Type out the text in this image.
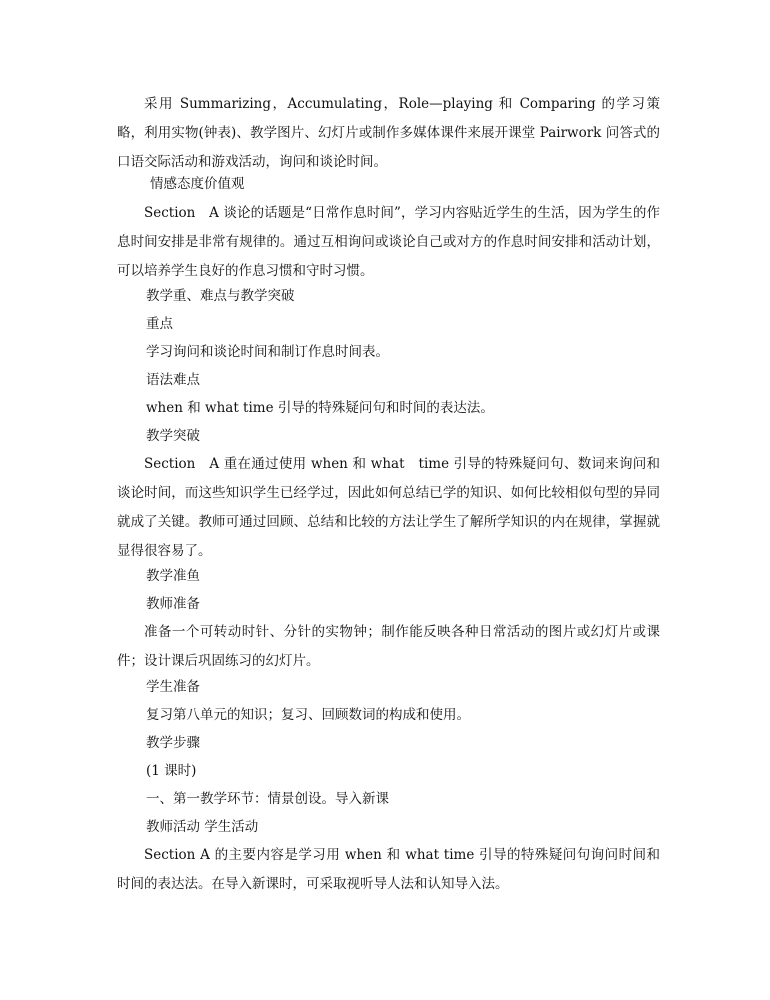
采用 Summarizing，Accumulating，Role—playing 和 Comparing 的学习策略，利用实物(钟表)、教学图片、幻灯片或制作多媒体课件来展开课堂 Pairwork 问答式的口语交际活动和游戏活动，询问和谈论时间。

情感态度价值观

Section　A 谈论的话题是“日常作息时间”，学习内容贴近学生的生活，因为学生的作息时间安排是非常有规律的。通过互相询问或谈论自己或对方的作息时间安排和活动计划，可以培养学生良好的作息习惯和守时习惯。

教学重、难点与教学突破

重点

学习询问和谈论时间和制订作息时间表。

语法难点

when 和 what time 引导的特殊疑问句和时间的表达法。

教学突破

Section　A 重在通过使用 when 和 what　time 引导的特殊疑问句、数词来询问和谈论时间，而这些知识学生已经学过，因此如何总结已学的知识、如何比较相似句型的异同就成了关键。教师可通过回顾、总结和比较的方法让学生了解所学知识的内在规律，掌握就显得很容易了。

教学准鱼

教师准备

准备一个可转动时针、分针的实物钟；制作能反映各种日常活动的图片或幻灯片或课件；设计课后巩固练习的幻灯片。

学生准备

复习第八单元的知识；复习、回顾数词的构成和使用。

教学步骤

(1 课时)

一、第一教学环节：情景创设。导入新课

教师活动 学生活动

Section A 的主要内容是学习用 when 和 what time 引导的特殊疑问句询问时间和时间的表达法。在导入新课时，可采取视听导人法和认知导入法。
